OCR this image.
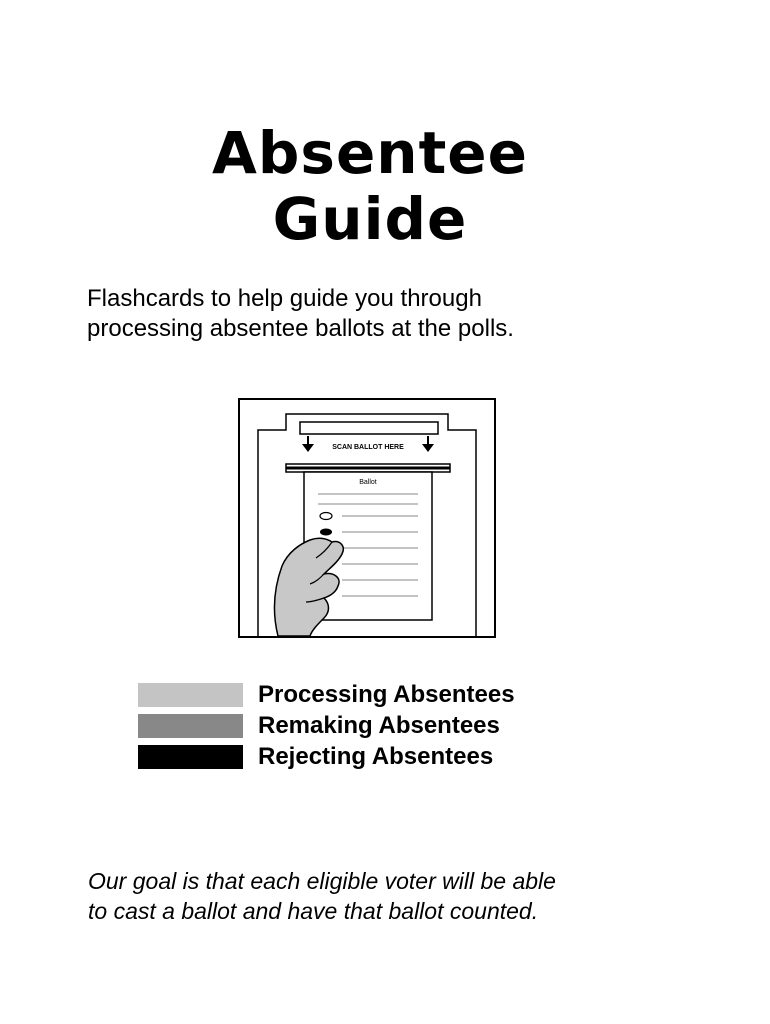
Absentee
Guide
Flashcards to help guide you through
processing absentee ballots at the polls.
SCAN BALLOT HERE
Ballot
Processing Absentees
Remaking Absentees
Rejecting Absentees
Our goal is that each eligible voter will be able
to cast a ballot and have that ballot counted.
